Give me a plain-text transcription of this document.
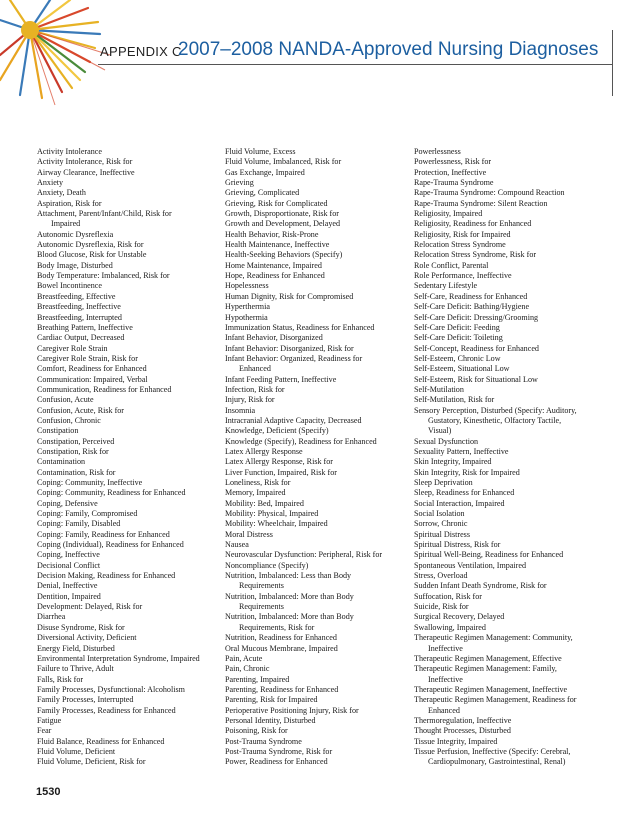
APPENDIX C
2007–2008 NANDA-Approved Nursing Diagnoses
Activity Intolerance
Activity Intolerance, Risk for
Airway Clearance, Ineffective
Anxiety
Anxiety, Death
Aspiration, Risk for
Attachment, Parent/Infant/Child, Risk for
Impaired
Autonomic Dysreflexia
Autonomic Dysreflexia, Risk for
Blood Glucose, Risk for Unstable
Body Image, Disturbed
Body Temperature: Imbalanced, Risk for
Bowel Incontinence
Breastfeeding, Effective
Breastfeeding, Ineffective
Breastfeeding, Interrupted
Breathing Pattern, Ineffective
Cardiac Output, Decreased
Caregiver Role Strain
Caregiver Role Strain, Risk for
Comfort, Readiness for Enhanced
Communication: Impaired, Verbal
Communication, Readiness for Enhanced
Confusion, Acute
Confusion, Acute, Risk for
Confusion, Chronic
Constipation
Constipation, Perceived
Constipation, Risk for
Contamination
Contamination, Risk for
Coping: Community, Ineffective
Coping: Community, Readiness for Enhanced
Coping, Defensive
Coping: Family, Compromised
Coping: Family, Disabled
Coping: Family, Readiness for Enhanced
Coping (Individual), Readiness for Enhanced
Coping, Ineffective
Decisional Conflict
Decision Making, Readiness for Enhanced
Denial, Ineffective
Dentition, Impaired
Development: Delayed, Risk for
Diarrhea
Disuse Syndrome, Risk for
Diversional Activity, Deficient
Energy Field, Disturbed
Environmental Interpretation Syndrome, Impaired
Failure to Thrive, Adult
Falls, Risk for
Family Processes, Dysfunctional: Alcoholism
Family Processes, Interrupted
Family Processes, Readiness for Enhanced
Fatigue
Fear
Fluid Balance, Readiness for Enhanced
Fluid Volume, Deficient
Fluid Volume, Deficient, Risk for
Fluid Volume, Excess
Fluid Volume, Imbalanced, Risk for
Gas Exchange, Impaired
Grieving
Grieving, Complicated
Grieving, Risk for Complicated
Growth, Disproportionate, Risk for
Growth and Development, Delayed
Health Behavior, Risk-Prone
Health Maintenance, Ineffective
Health-Seeking Behaviors (Specify)
Home Maintenance, Impaired
Hope, Readiness for Enhanced
Hopelessness
Human Dignity, Risk for Compromised
Hyperthermia
Hypothermia
Immunization Status, Readiness for Enhanced
Infant Behavior, Disorganized
Infant Behavior: Disorganized, Risk for
Infant Behavior: Organized, Readiness for
Enhanced
Infant Feeding Pattern, Ineffective
Infection, Risk for
Injury, Risk for
Insomnia
Intracranial Adaptive Capacity, Decreased
Knowledge, Deficient (Specify)
Knowledge (Specify), Readiness for Enhanced
Latex Allergy Response
Latex Allergy Response, Risk for
Liver Function, Impaired, Risk for
Loneliness, Risk for
Memory, Impaired
Mobility: Bed, Impaired
Mobility: Physical, Impaired
Mobility: Wheelchair, Impaired
Moral Distress
Nausea
Neurovascular Dysfunction: Peripheral, Risk for
Noncompliance (Specify)
Nutrition, Imbalanced: Less than Body
Requirements
Nutrition, Imbalanced: More than Body
Requirements
Nutrition, Imbalanced: More than Body
Requirements, Risk for
Nutrition, Readiness for Enhanced
Oral Mucous Membrane, Impaired
Pain, Acute
Pain, Chronic
Parenting, Impaired
Parenting, Readiness for Enhanced
Parenting, Risk for Impaired
Perioperative Positioning Injury, Risk for
Personal Identity, Disturbed
Poisoning, Risk for
Post-Trauma Syndrome
Post-Trauma Syndrome, Risk for
Power, Readiness for Enhanced
Powerlessness
Powerlessness, Risk for
Protection, Ineffective
Rape-Trauma Syndrome
Rape-Trauma Syndrome: Compound Reaction
Rape-Trauma Syndrome: Silent Reaction
Religiosity, Impaired
Religiosity, Readiness for Enhanced
Religiosity, Risk for Impaired
Relocation Stress Syndrome
Relocation Stress Syndrome, Risk for
Role Conflict, Parental
Role Performance, Ineffective
Sedentary Lifestyle
Self-Care, Readiness for Enhanced
Self-Care Deficit: Bathing/Hygiene
Self-Care Deficit: Dressing/Grooming
Self-Care Deficit: Feeding
Self-Care Deficit: Toileting
Self-Concept, Readiness for Enhanced
Self-Esteem, Chronic Low
Self-Esteem, Situational Low
Self-Esteem, Risk for Situational Low
Self-Mutilation
Self-Mutilation, Risk for
Sensory Perception, Disturbed (Specify: Auditory,
Gustatory, Kinesthetic, Olfactory Tactile,
Visual)
Sexual Dysfunction
Sexuality Pattern, Ineffective
Skin Integrity, Impaired
Skin Integrity, Risk for Impaired
Sleep Deprivation
Sleep, Readiness for Enhanced
Social Interaction, Impaired
Social Isolation
Sorrow, Chronic
Spiritual Distress
Spiritual Distress, Risk for
Spiritual Well-Being, Readiness for Enhanced
Spontaneous Ventilation, Impaired
Stress, Overload
Sudden Infant Death Syndrome, Risk for
Suffocation, Risk for
Suicide, Risk for
Surgical Recovery, Delayed
Swallowing, Impaired
Therapeutic Regimen Management: Community,
Ineffective
Therapeutic Regimen Management, Effective
Therapeutic Regimen Management: Family,
Ineffective
Therapeutic Regimen Management, Ineffective
Therapeutic Regimen Management, Readiness for
Enhanced
Thermoregulation, Ineffective
Thought Processes, Disturbed
Tissue Integrity, Impaired
Tissue Perfusion, Ineffective (Specify: Cerebral,
Cardiopulmonary, Gastrointestinal, Renal)
1530
